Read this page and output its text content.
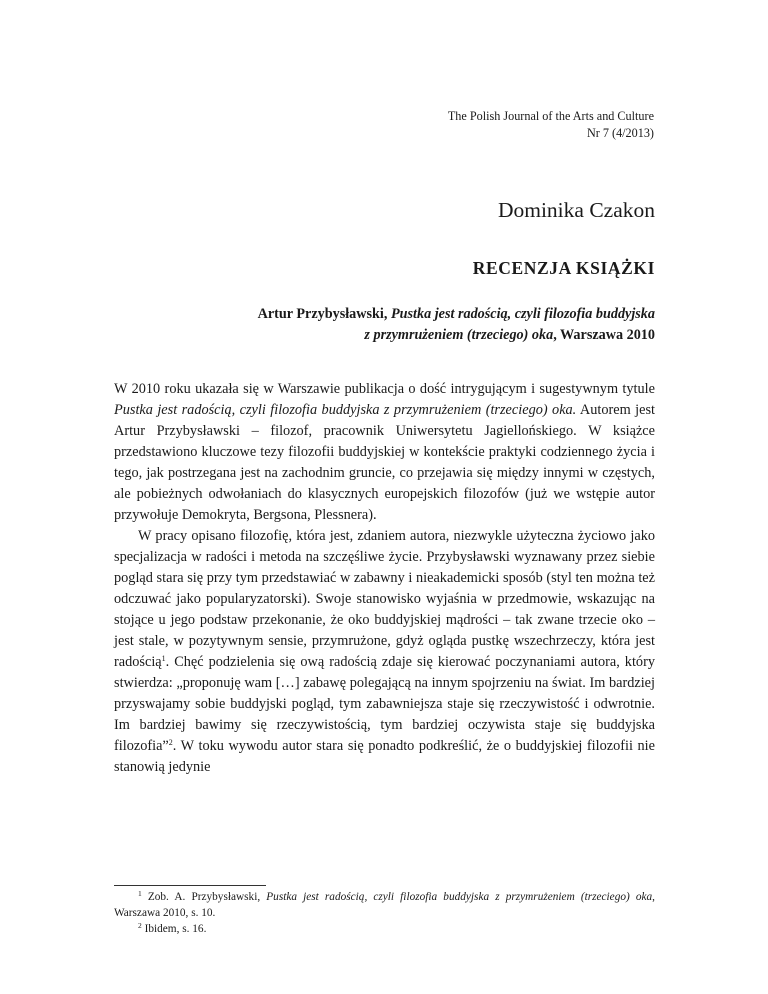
The Polish Journal of the Arts and Culture
Nr 7 (4/2013)
Dominika Czakon
RECENZJA KSIĄŻKI
Artur Przybysławski, Pustka jest radością, czyli filozofia buddyjska
z przymrużeniem (trzeciego) oka, Warszawa 2010

W 2010 roku ukazała się w Warszawie publikacja o dość intrygującym i sugestywnym tytule Pustka jest radością, czyli filozofia buddyjska z przymrużeniem (trzeciego) oka. Autorem jest Artur Przybysławski – filozof, pracownik Uniwersytetu Jagiellońskiego. W książce przedstawiono kluczowe tezy filozofii buddyjskiej w kontekście praktyki codziennego życia i tego, jak postrzegana jest na zachodnim gruncie, co przejawia się między innymi w częstych, ale pobieżnych odwołaniach do klasycznych europejskich filozofów (już we wstępie autor przywołuje Demokryta, Bergsona, Plessnera).

W pracy opisano filozofię, która jest, zdaniem autora, niezwykle użyteczna życiowo jako specjalizacja w radości i metoda na szczęśliwe życie. Przybysławski wyznawany przez siebie pogląd stara się przy tym przedstawiać w zabawny i nieakademicki sposób (styl ten można też odczuwać jako popularyzatorski). Swoje stanowisko wyjaśnia w przedmowie, wskazując na stojące u jego podstaw przekonanie, że oko buddyjskiej mądrości – tak zwane trzecie oko – jest stale, w pozytywnym sensie, przymrużone, gdyż ogląda pustkę wszechrzeczy, która jest radością$^1$. Chęć podzielenia się ową radością zdaje się kierować poczynaniami autora, który stwierdza: „proponuję wam […] zabawę polegającą na innym spojrzeniu na świat. Im bardziej przyswajamy sobie buddyjski pogląd, tym zabawniejsza staje się rzeczywistość i odwrotnie. Im bardziej bawimy się rzeczywistością, tym bardziej oczywista staje się buddyjska filozofia”$^2$. W toku wywodu autor stara się ponadto podkreślić, że o buddyjskiej filozofii nie stanowią jedynie

$^1$ Zob. A. Przybysławski, Pustka jest radością, czyli filozofia buddyjska z przymrużeniem (trzeciego) oka, Warszawa 2010, s. 10.

$^2$ Ibidem, s. 16.
